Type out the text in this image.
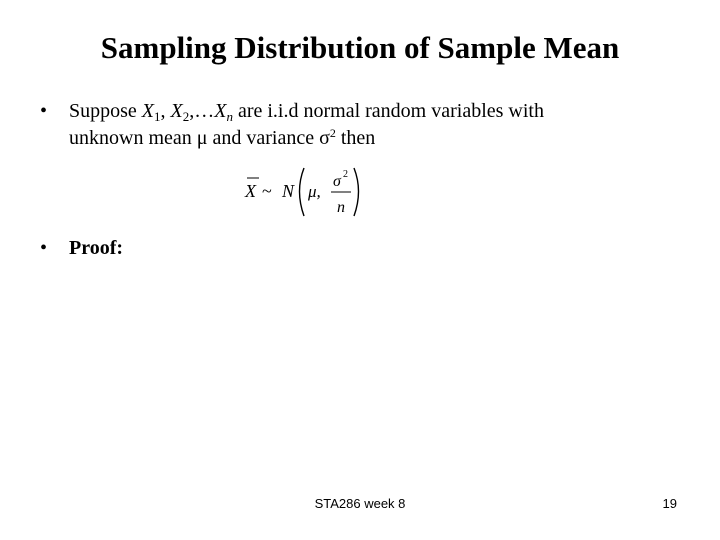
Sampling Distribution of Sample Mean
•	Suppose $X_1$, $X_2,\dots X_n$ are i.i.d normal random variables with
unknown mean μ and variance $\sigma^2$ then
X ~ N μ,
σ 2
n
•	Proof:
STA286 week 8	19
